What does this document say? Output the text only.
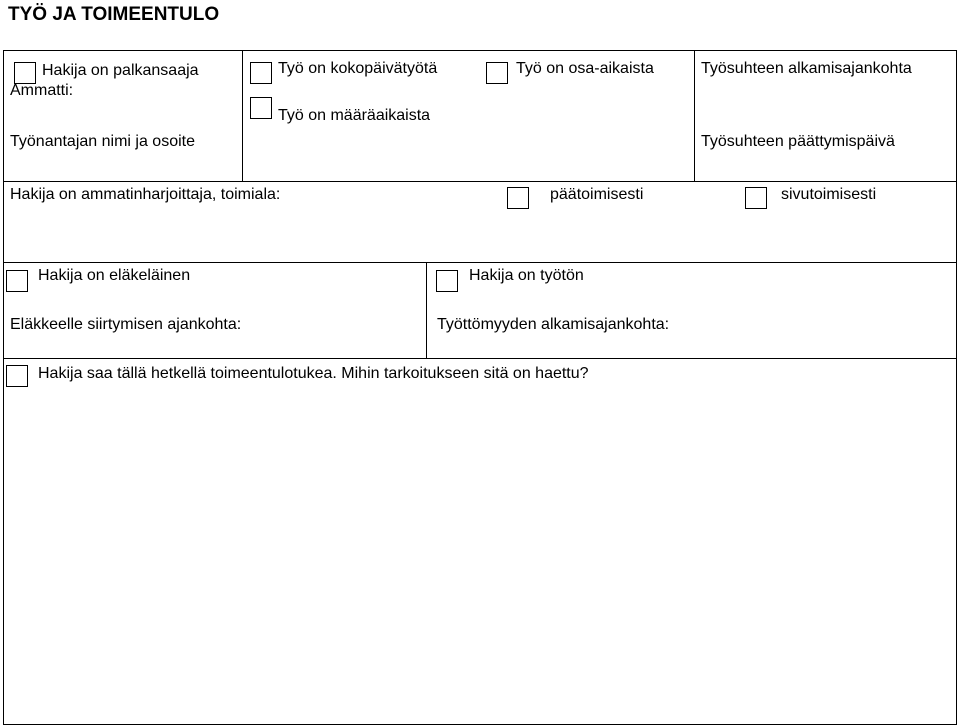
TYÖ JA TOIMEENTULO
Hakija on palkansaaja
Ammatti:
Työnantajan nimi ja osoite
Työ on kokopäivätyötä	Työ on osa-aikaista
Työ on määräaikaista
Työsuhteen alkamisajankohta
Työsuhteen päättymispäivä
Hakija on ammatinharjoittaja, toimiala:	päätoimisesti	sivutoimisesti
Hakija on eläkeläinen
Eläkkeelle siirtymisen ajankohta:
Hakija on työtön
Työttömyyden alkamisajankohta:
Hakija saa tällä hetkellä toimeentulotukea. Mihin tarkoitukseen sitä on haettu?
